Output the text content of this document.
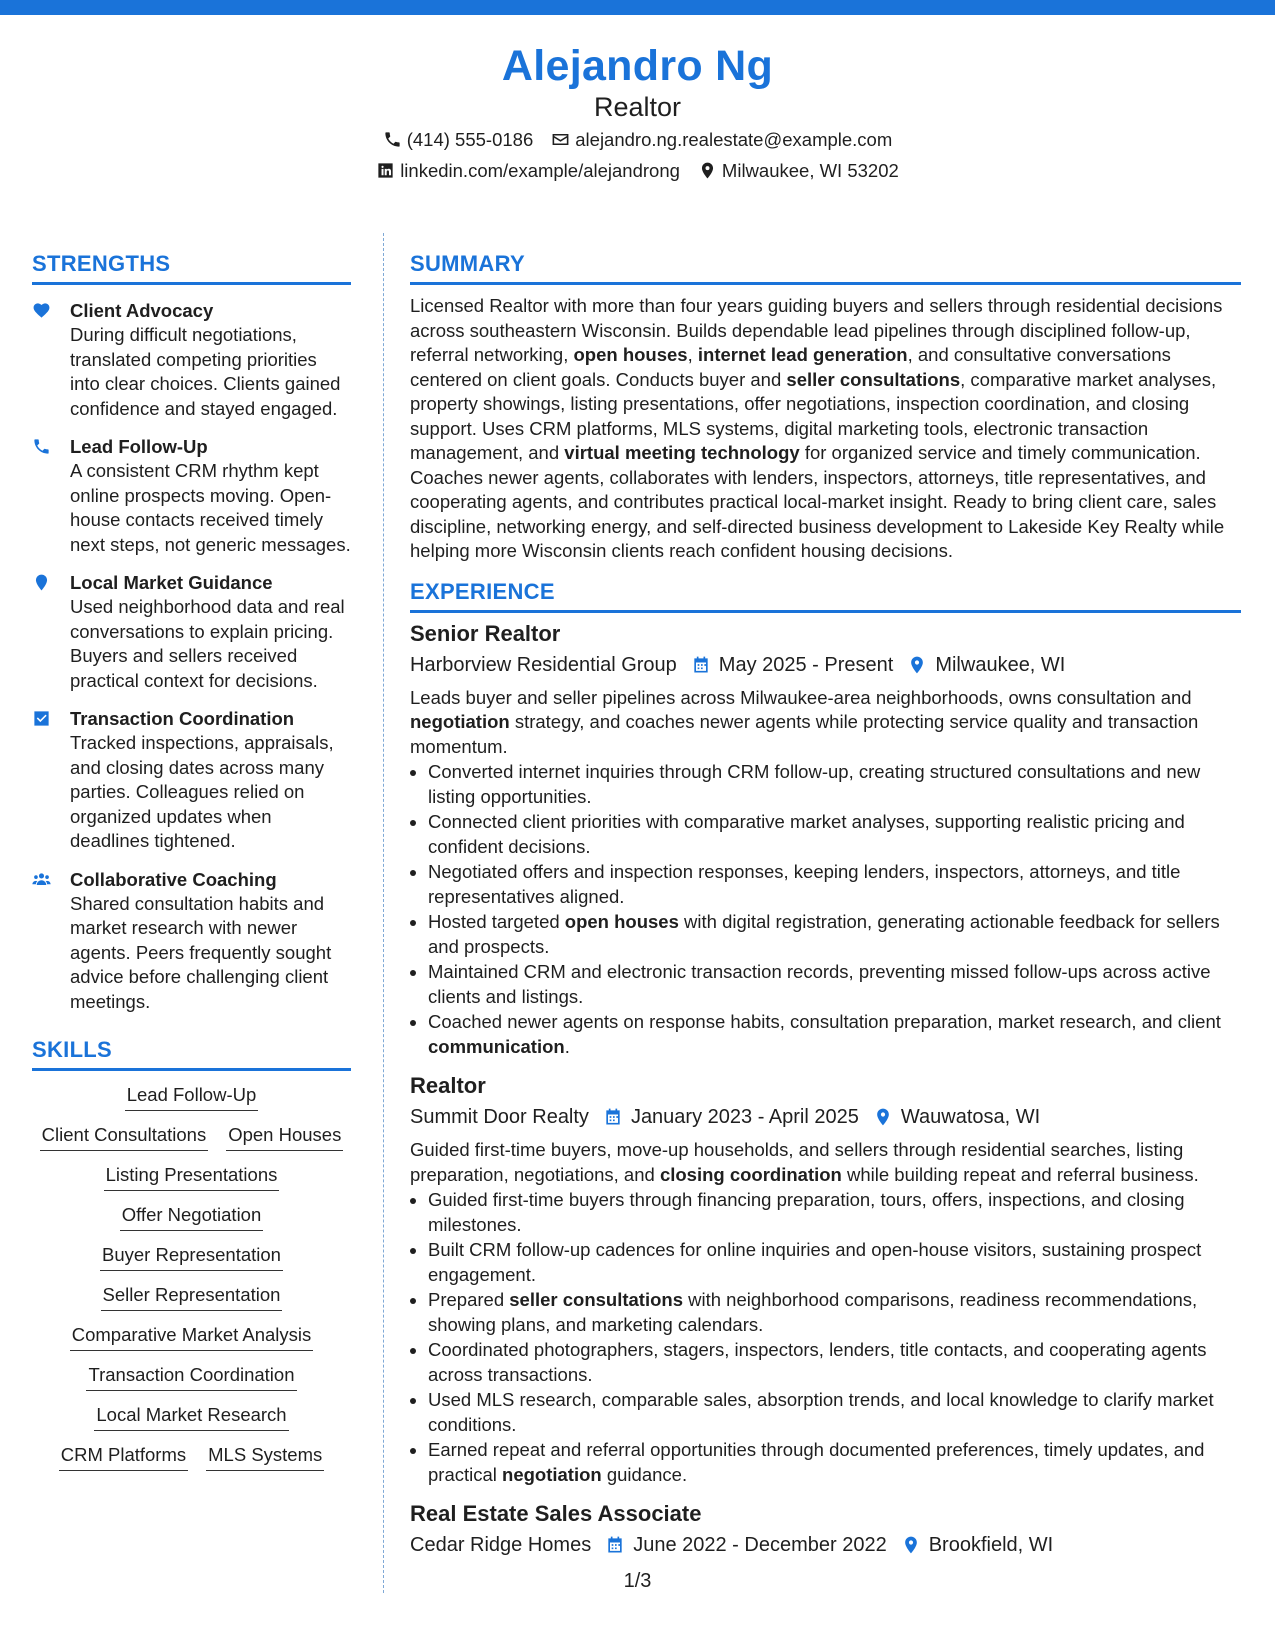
Alejandro Ng
Realtor
(414) 555-0186 alejandro.ng.realestate@example.com
linkedin.com/example/alejandrong Milwaukee, WI 53202
STRENGTHS
Client Advocacy
During difficult negotiations, translated competing priorities into clear choices. Clients gained confidence and stayed engaged.
Lead Follow-Up
A consistent CRM rhythm kept online prospects moving. Open-house contacts received timely next steps, not generic messages.
Local Market Guidance
Used neighborhood data and real conversations to explain pricing. Buyers and sellers received practical context for decisions.
Transaction Coordination
Tracked inspections, appraisals, and closing dates across many parties. Colleagues relied on organized updates when deadlines tightened.
Collaborative Coaching
Shared consultation habits and market research with newer agents. Peers frequently sought advice before challenging client meetings.
SKILLS
Lead Follow-Up
Client Consultations Open Houses
Listing Presentations
Offer Negotiation
Buyer Representation
Seller Representation
Comparative Market Analysis
Transaction Coordination
Local Market Research
CRM Platforms MLS Systems
SUMMARY
Licensed Realtor with more than four years guiding buyers and sellers through residential decisions across southeastern Wisconsin. Builds dependable lead pipelines through disciplined follow-up, referral networking, open houses, internet lead generation, and consultative conversations centered on client goals. Conducts buyer and seller consultations, comparative market analyses, property showings, listing presentations, offer negotiations, inspection coordination, and closing support. Uses CRM platforms, MLS systems, digital marketing tools, electronic transaction management, and virtual meeting technology for organized service and timely communication. Coaches newer agents, collaborates with lenders, inspectors, attorneys, title representatives, and cooperating agents, and contributes practical local-market insight. Ready to bring client care, sales discipline, networking energy, and self-directed business development to Lakeside Key Realty while helping more Wisconsin clients reach confident housing decisions.
EXPERIENCE
Senior Realtor
Harborview Residential Group May 2025 - Present Milwaukee, WI
Leads buyer and seller pipelines across Milwaukee-area neighborhoods, owns consultation and negotiation strategy, and coaches newer agents while protecting service quality and transaction momentum.
• Converted internet inquiries through CRM follow-up, creating structured consultations and new listing opportunities.
• Connected client priorities with comparative market analyses, supporting realistic pricing and confident decisions.
• Negotiated offers and inspection responses, keeping lenders, inspectors, attorneys, and title representatives aligned.
• Hosted targeted open houses with digital registration, generating actionable feedback for sellers and prospects.
• Maintained CRM and electronic transaction records, preventing missed follow-ups across active clients and listings.
• Coached newer agents on response habits, consultation preparation, market research, and client communication.
Realtor
Summit Door Realty January 2023 - April 2025 Wauwatosa, WI
Guided first-time buyers, move-up households, and sellers through residential searches, listing preparation, negotiations, and closing coordination while building repeat and referral business.
• Guided first-time buyers through financing preparation, tours, offers, inspections, and closing milestones.
• Built CRM follow-up cadences for online inquiries and open-house visitors, sustaining prospect engagement.
• Prepared seller consultations with neighborhood comparisons, readiness recommendations, showing plans, and marketing calendars.
• Coordinated photographers, stagers, inspectors, lenders, title contacts, and cooperating agents across transactions.
• Used MLS research, comparable sales, absorption trends, and local knowledge to clarify market conditions.
• Earned repeat and referral opportunities through documented preferences, timely updates, and practical negotiation guidance.
Real Estate Sales Associate
Cedar Ridge Homes June 2022 - December 2022 Brookfield, WI
1/3
